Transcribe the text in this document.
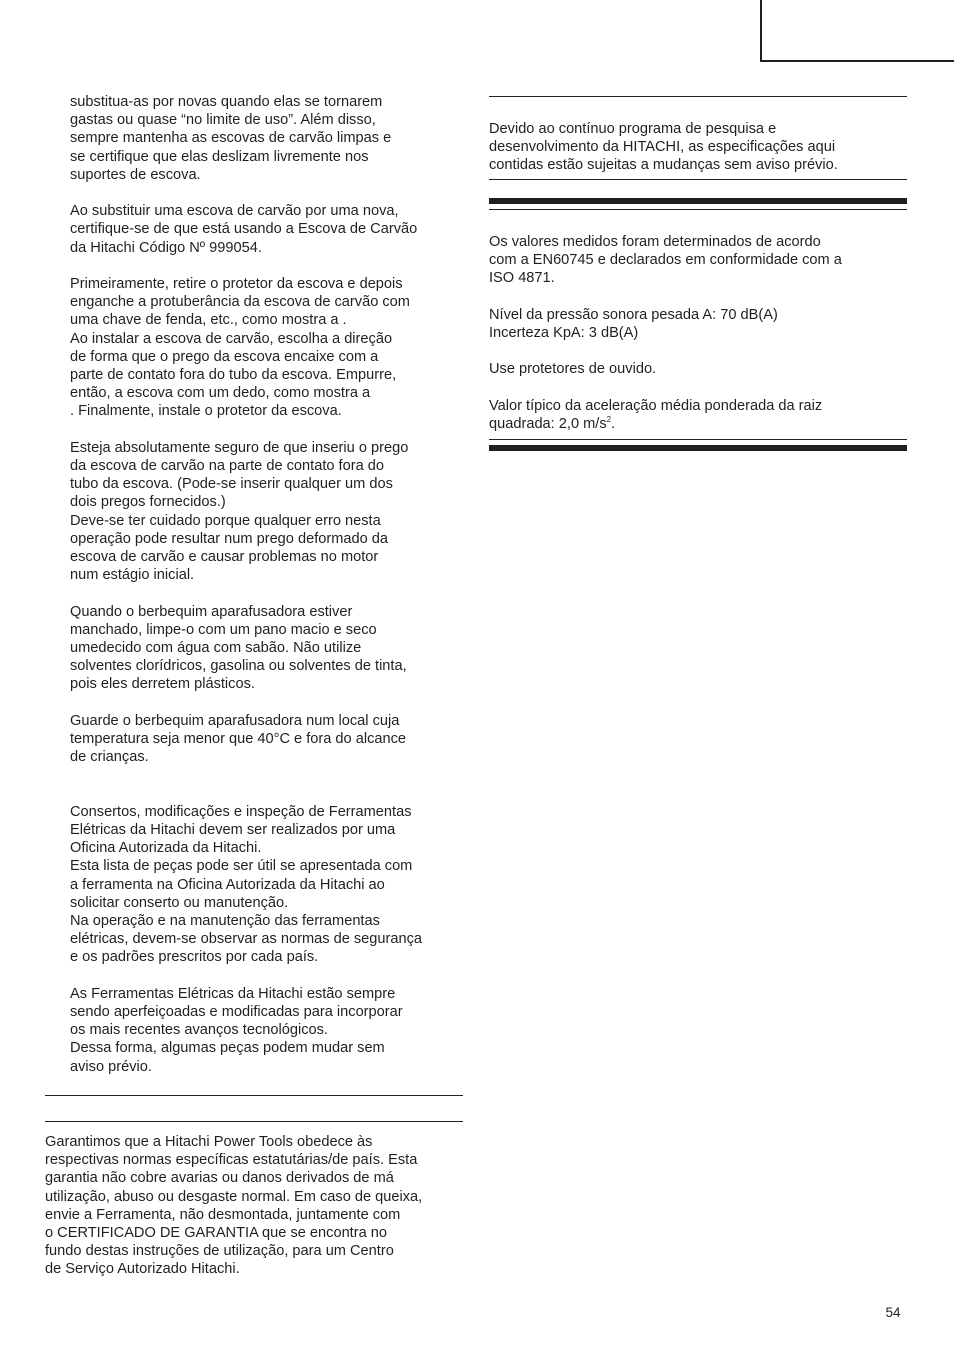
substitua-as por novas quando elas se tornarem
gastas ou quase “no limite de uso”. Além disso,
sempre mantenha as escovas de carvão limpas e
se certifique que elas deslizam livremente nos
suportes de escova.

Ao substituir uma escova de carvão por uma nova,
certifique-se de que está usando a Escova de Carvão
da Hitachi Código Nº 999054.

Primeiramente, retire o protetor da escova e depois
enganche a protuberância da escova de carvão com
uma chave de fenda, etc., como mostra a .
Ao instalar a escova de carvão, escolha a direção
de forma que o prego da escova encaixe com a
parte de contato fora do tubo da escova. Empurre,
então, a escova com um dedo, como mostra a
. Finalmente, instale o protetor da escova.

Esteja absolutamente seguro de que inseriu o prego
da escova de carvão na parte de contato fora do
tubo da escova. (Pode-se inserir qualquer um dos
dois pregos fornecidos.)
Deve-se ter cuidado porque qualquer erro nesta
operação pode resultar num prego deformado da
escova de carvão e causar problemas no motor
num estágio inicial.

Quando o berbequim aparafusadora estiver
manchado, limpe-o com um pano macio e seco
umedecido com água com sabão. Não utilize
solventes clorídricos, gasolina ou solventes de tinta,
pois eles derretem plásticos.

Guarde o berbequim aparafusadora num local cuja
temperatura seja menor que 40°C e fora do alcance
de crianças.

Consertos, modificações e inspeção de Ferramentas
Elétricas da Hitachi devem ser realizados por uma
Oficina Autorizada da Hitachi.
Esta lista de peças pode ser útil se apresentada com
a ferramenta na Oficina Autorizada da Hitachi ao
solicitar conserto ou manutenção.
Na operação e na manutenção das ferramentas
elétricas, devem-se observar as normas de segurança
e os padrões prescritos por cada país.

As Ferramentas Elétricas da Hitachi estão sempre
sendo aperfeiçoadas e modificadas para incorporar
os mais recentes avanços tecnológicos.
Dessa forma, algumas peças podem mudar sem
aviso prévio.

Garantimos que a Hitachi Power Tools obedece às
respectivas normas específicas estatutárias/de país. Esta
garantia não cobre avarias ou danos derivados de má
utilização, abuso ou desgaste normal. Em caso de queixa,
envie a Ferramenta, não desmontada, juntamente com
o CERTIFICADO DE GARANTIA que se encontra no
fundo destas instruções de utilização, para um Centro
de Serviço Autorizado Hitachi.

Devido ao contínuo programa de pesquisa e
desenvolvimento da HITACHI, as especificações aqui
contidas estão sujeitas a mudanças sem aviso prévio.

Os valores medidos foram determinados de acordo
com a EN60745 e declarados em conformidade com a
ISO 4871.

Nível da pressão sonora pesada A: 70 dB(A)

Incerteza KpA: 3 dB(A)

Use protetores de ouvido.

Valor típico da aceleração média ponderada da raiz
quadrada: 2,0 $m/s^2$.

54
